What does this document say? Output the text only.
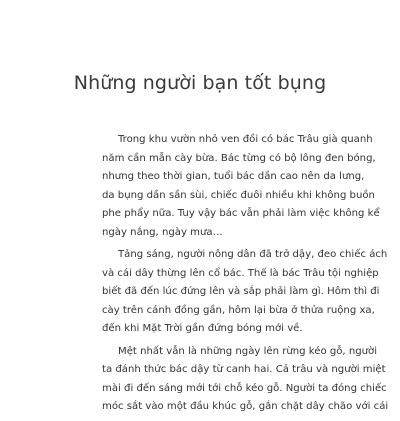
Những người bạn tốt bụng
Trong khu vườn nhỏ ven đồi có bác Trâu già quanh
năm cần mẫn cày bừa. Bác từng có bộ lông đen bóng,
nhưng theo thời gian, tuổi bác dần cao nên da lưng,
da bụng dần sần sùi, chiếc đuôi nhiều khi không buồn
phe phẩy nữa. Tuy vậy bác vẫn phải làm việc không kể
ngày nắng, ngày mưa…
Tảng sáng, người nông dân đã trở dậy, đeo chiếc ách
và cái dây thừng lên cổ bác. Thế là bác Trâu tội nghiệp
biết đã đến lúc đứng lên và sắp phải làm gì. Hôm thì đi
cày trên cánh đồng gần, hôm lại bừa ở thửa ruộng xa,
đến khi Mặt Trời gần đứng bóng mới về.
Mệt nhất vẫn là những ngày lên rừng kéo gỗ, người
ta đánh thức bác dậy từ canh hai. Cả trâu và người miệt
mài đi đến sáng mới tới chỗ kéo gỗ. Người ta đóng chiếc
móc sắt vào một đầu khúc gỗ, gắn chặt dây chão với cái
